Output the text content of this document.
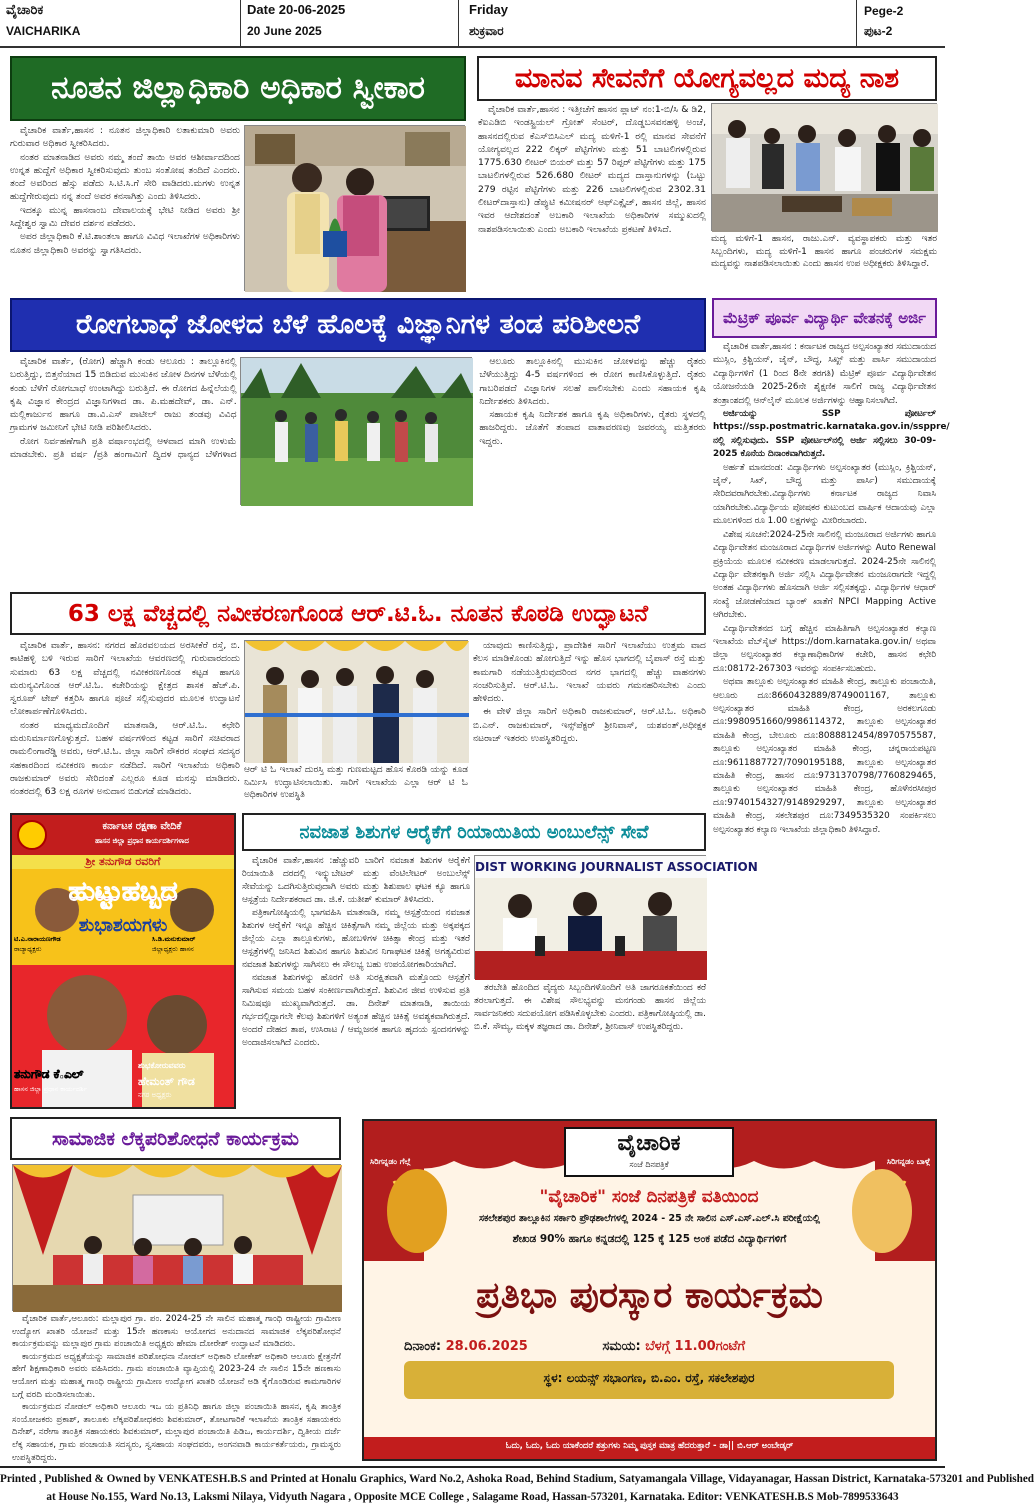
ವೈಚಾರಿಕ
VAICHARIKA
Date 20-06-2025
20 June 2025
Friday
ಶುಕ್ರವಾರ
Pege-2
ಪುಟ-2
ನೂತನ ಜಿಲ್ಲಾಧಿಕಾರಿ ಅಧಿಕಾರ ಸ್ವೀಕಾರ

ವೈಚಾರಿಕ ವಾರ್ತೆ,ಹಾಸನ : ನೂತನ ಜಿಲ್ಲಾಧಿಕಾರಿ ಲತಾಕುಮಾರಿ ಅವರು ಗುರುವಾರ ಅಧಿಕಾರ ಸ್ವೀಕರಿಸಿದರು.

ನಂತರ ಮಾತನಾಡಿದ ಅವರು ನಮ್ಮ ತಂದೆ ತಾಯಿ ಅವರ ಆಶೀರ್ವಾದದಿಂದ ಉನ್ನತ ಹುದ್ದೆಗೆ ಅಧಿಕಾರ ಸ್ವೀಕರಿಸುವುದು ತುಂಬ ಸಂತೋಷ ತಂದಿದೆ ಎಂದರು. ತಂದೆ ಅವರಿಂದ ಹೆಸ್ಸು ಪಡೆದು ಸಿ.ಟಿ.ಸಿ.ಗೆ ಸೇರಿ ವಾಡಿದರು.ಮಗಳು ಉನ್ನತ ಹುದ್ದೆಗೇರುವುದು ನನ್ನ ತಂದೆ ಅವರ ಕನಸಾಗಿತ್ತು ಎಂದು ತಿಳಿಸಿದರು.

ಇದಕ್ಕೂ ಮುನ್ನ ಹಾಸನಾಂಬ ದೇವಾಲಯಕ್ಕೆ ಭೇಟಿ ನೀಡಿದ ಅವರು ಶ್ರೀ ಸಿದ್ದೇಶ್ವರ ಸ್ವಾಮಿ ದೇವರ ದರ್ಶನ ಪಡೆದರು.

ಅಪರ ಜಿಲ್ಲಾಧಿಕಾರಿ ಕೆ.ಟಿ.ಶಾಂತಲಾ ಹಾಗೂ ವಿವಿಧ ಇಲಾಖೆಗಳ ಅಧಿಕಾರಿಗಳು ನೂತನ ಜಿಲ್ಲಾಧಿಕಾರಿ ಅವರನ್ನು ಸ್ವಾಗತಿಸಿದರು.

ಮಾನವ ಸೇವನೆಗೆ ಯೋಗ್ಯವಲ್ಲದ ಮದ್ಯ ನಾಶ

ವೈಚಾರಿಕ ವಾರ್ತೆ,ಹಾಸನ : ಇತ್ತೀಚೆಗೆ ಹಾಸನ ಪ್ಲಾಟ್ ನಂ:1-ಬಿ/ಸಿ & ಡಿ2, ಕೆಐಎಡಿಬಿ ಇಂಡಸ್ಟ್ರಿಯಲ್ ಗ್ರೋತ್ ಸೆಂಟರ್, ದೊಡ್ಡಬಸವನಹಳ್ಳಿ ಅಂಚೆ, ಹಾಸನದಲ್ಲಿರುವ ಕೆಎಸ್‌ಬಿಸಿಎಲ್ ಮದ್ಯ ಮಳಿಗೆ-1 ರಲ್ಲಿ ಮಾನವ ಸೇವನೆಗೆ ಯೋಗ್ಯವಲ್ಲದ 222 ಲಿಕ್ಕರ್ ಪೆಟ್ಟಿಗೆಗಳು ಮತ್ತು 51 ಬಾಟಲಿಗಳಲ್ಲಿರುವ 1775.630 ಲೀಟರ್ ಬಿಯರ್ ಮತ್ತು 57 ರಿಪ್ಪರ್ ಪೆಟ್ಟಿಗೆಗಳು ಮತ್ತು 175 ಬಾಟಲಿಗಳಲ್ಲಿರುವ 526.680 ಲೀಟರ್ ಮದ್ಯದ ದಾಸ್ತಾನುಗಳನ್ನು (ಒಟ್ಟು 279 ರಟ್ಟಿನ ಪೆಟ್ಟಿಗೆಗಳು ಮತ್ತು 226 ಬಾಟಲಿಗಳಲ್ಲಿರುವ 2302.31 ಲೀಟರ್‌ದಾಸ್ತಾನು) ಡೆಪ್ಯುಟಿ ಕಮೀಷನರ್ ಆಫ್‌ಎಕ್ಸೈಜ್, ಹಾಸನ ಜಿಲ್ಲೆ, ಹಾಸನ ಇವರ ಆದೇಶದಂತೆ ಅಬಕಾರಿ ಇಲಾಖೆಯ ಅಧಿಕಾರಿಗಳ ಸಮ್ಮುಖದಲ್ಲಿ ನಾಶಪಡಿಸಲಾಯಿತು ಎಂದು ಅಬಕಾರಿ ಇಲಾಖೆಯ ಪ್ರಕಟಣೆ ತಿಳಿಸಿದೆ.

ಮದ್ಯ ಮಳಿಗೆ-1 ಹಾಸನ, ರಾಜು.ಎನ್. ವ್ಯವಸ್ಥಾಪಕರು ಮತ್ತು ಇತರ ಸಿಬ್ಬಂದಿಗಳು, ಮದ್ಯ ಮಳಿಗೆ-1 ಹಾಸನ ಹಾಗೂ ಪಂಚರುಗಳ ಸಮಕ್ಷಮ ಮದ್ಯವನ್ನು ನಾಶಪಡಿಸಲಾಯಿತು ಎಂದು ಹಾಸನ ಉಪ ಅಧೀಕ್ಷಕರು ತಿಳಿಸಿದ್ದಾರೆ.
ರೋಗಬಾಧೆ ಜೋಳದ ಬೆಳೆ ಹೊಲಕ್ಕೆ ವಿಜ್ಞಾನಿಗಳ ತಂಡ ಪರಿಶೀಲನೆ

ವೈಚಾರಿಕ ವಾರ್ತೆ, (ರೋಗ) ಹೆಚ್ಚಾಗಿ ಕಂಡು ಆಲೂರು : ತಾಲ್ಲೂಕಿನಲ್ಲಿ ಬರುತ್ತಿದ್ದು, ಬಿತ್ತನೆಯಾದ 15 ಬಿಡಿದುವ ಮುಸುಕಿನ ಜೋಳ ದಿನಗಳ ಬೆಳೆಯಲ್ಲಿ ಕಂಡು ಬೆಳೆಗೆ ರೋಗಬಾಧೆ ಉಂಟಾಗಿದ್ದು ಬರುತ್ತಿದೆ. ಈ ರೋಗದ ಹಿನ್ನೆಲೆಯಲ್ಲಿ ಕೃಷಿ ವಿಜ್ಞಾನ ಕೇಂದ್ರದ ವಿಜ್ಞಾನಿಗಳಾದ ಡಾ. ಪಿ.ಮಹದೇವ್, ಡಾ. ಎನ್. ಮಲ್ಲಿಕಾರ್ಜುನ ಹಾಗೂ ಡಾ.ವಿ.ಎಸ್ ಪಾಟೀಲ್ ರಾಜು ತಂಡವು ವಿವಿಧ ಗ್ರಾಮಗಳ ಜಮೀನಿಗೆ ಭೇಟಿ ನೀಡಿ ಪರಿಶೀಲಿಸಿದರು.

ರೋಗ ನಿರ್ವಹಣೆಗಾಗಿ ಪ್ರತಿ ವರ್ಷಾಂಭದಲ್ಲಿ ಆಳವಾದ ಮಾಗಿ ಉಳುಮೆ ಮಾಡಬೇಕು. ಪ್ರತಿ ವರ್ಷ /ಪ್ರತಿ ಹಂಗಾಮಿಗೆ ದ್ವಿದಳ ಧಾನ್ಯದ ಬೆಳೆಗಳಾದ

ಆಲೂರು ತಾಲ್ಲೂಕಿನಲ್ಲಿ ಮುಸುಕಿನ ಜೋಳವನ್ನು ಹೆಚ್ಚು ರೈತರು ಬೆಳೆಯುತ್ತಿದ್ದು 4-5 ವರ್ಷಗಳಿಂದ ಈ ರೋಗ ಕಾಣಿಸಿಕೊಳ್ಳುತ್ತಿದೆ. ರೈತರು ಗಾಬರಿಪಡದೆ ವಿಜ್ಞಾನಿಗಳ ಸಲಹೆ ಪಾಲಿಸಬೇಕು ಎಂದು ಸಹಾಯಕ ಕೃಷಿ ನಿರ್ದೇಶಕರು ತಿಳಿಸಿದರು.

ಸಹಾಯಕ ಕೃಷಿ ನಿರ್ದೇಶಕ ಹಾಗೂ ಕೃಷಿ ಅಧಿಕಾರಿಗಳು, ರೈತರು ಸ್ಥಳದಲ್ಲಿ ಹಾಜರಿದ್ದರು. ಜೊತೆಗೆ ತಂಪಾದ ವಾತಾವರಣವು ಜವರಯ್ಯ ಮತ್ತಿತರರು ಇದ್ದರು.

ಮೆಟ್ರಿಕ್ ಪೂರ್ವ ವಿದ್ಯಾರ್ಥಿ ವೇತನಕ್ಕೆ ಅರ್ಜಿ

ವೈಚಾರಿಕ ವಾರ್ತೆ,ಹಾಸನ : ಕರ್ನಾಟಕ ರಾಜ್ಯದ ಅಲ್ಪಸಂಖ್ಯಾತರ ಸಮುದಾಯದ ಮುಸ್ಲಿಂ, ಕ್ರಿಶ್ಚಿಯನ್, ಜೈನ್, ಬೌದ್ಧ, ಸಿಖ್ಖ್ ಮತ್ತು ಪಾರ್ಸಿ ಸಮುದಾಯದ ವಿದ್ಯಾರ್ಥಿಗಳಿಗೆ (1 ರಿಂದ 8ನೇ ತರಗತಿ) ಮೆಟ್ರಿಕ್ ಪೂರ್ವ ವಿದ್ಯಾರ್ಥಿವೇತನ ಯೋಜನೆಯಡಿ 2025-26ನೇ ಶೈಕ್ಷಣಿಕ ಸಾಲಿಗೆ ರಾಜ್ಯ ವಿದ್ಯಾರ್ಥಿವೇತನ ತಂತ್ರಾಂಶದಲ್ಲಿ ಆನ್‌ಲೈನ್ ಮೂಲಕ ಅರ್ಜಿಗಳನ್ನು ಆಹ್ವಾನಿಸಲಾಗಿದೆ.

ಅರ್ಜಿಯನ್ನು SSP ಪೋರ್ಟಲ್ https://ssp.postmatric.karnataka.gov.in/ssppre/ ನಲ್ಲಿ ಸಲ್ಲಿಸುವುದು. SSP ಪೋರ್ಟಲ್‌ನಲ್ಲಿ ಅರ್ಜಿ ಸಲ್ಲಿಸಲು 30-09-2025 ಕೊನೆಯ ದಿನಾಂಕವಾಗಿರುತ್ತದೆ.

ಅರ್ಹತೆ ಮಾನದಂಡ: ವಿದ್ಯಾರ್ಥಿಗಳು ಅಲ್ಪಸಂಖ್ಯಾತರ (ಮುಸ್ಲಿಂ, ಕ್ರಿಶ್ಚಿಯನ್, ಜೈನ್, ಸಿಖ್, ಬೌದ್ಧ ಮತ್ತು ಪಾರ್ಸಿ) ಸಮುದಾಯಕ್ಕೆ ಸೇರಿದವರಾಗಿರಬೇಕು.ವಿದ್ಯಾರ್ಥಿಗಳು ಕರ್ನಾಟಕ ರಾಜ್ಯದ ನಿವಾಸಿ ಯಾಗಿರಬೇಕು.ವಿದ್ಯಾರ್ಥಿಯ ಪೋಷಕರ ಕುಟುಂಬದ ವಾರ್ಷಿಕ ಆದಾಯವು ಎಲ್ಲಾ ಮೂಲಗಳಿಂದ ರೂ 1.00 ಲಕ್ಷಗಳನ್ನು ಮೀರಿರಬಾರದು.

ವಿಶೇಷ ಸೂಚನೆ:2024-25ನೇ ಸಾಲಿನಲ್ಲಿ ಮಂಜೂರಾದ ಅರ್ಜಿಗಳು ಹಾಗೂ ವಿದ್ಯಾರ್ಥಿವೇತನ ಮಂಜೂರಾದ ವಿದ್ಯಾರ್ಥಿಗಳ ಅರ್ಜಿಗಳನ್ನು Auto Renewal ಪ್ರಕ್ರಿಯೆಯ ಮೂಲಕ ನವೀಕರಣ ಮಾಡಲಾಗುತ್ತದೆ. 2024-25ನೇ ಸಾಲಿನಲ್ಲಿ ವಿದ್ಯಾರ್ಥಿ ವೇತನಕ್ಕಾಗಿ ಅರ್ಜಿ ಸಲ್ಲಿಸಿ ವಿದ್ಯಾರ್ಥಿವೇತನ ಮಂಜೂರಾಗದೇ ಇದ್ದಲ್ಲಿ ಅಂತಹ ವಿದ್ಯಾರ್ಥಿಗಳು ಹೊಸದಾಗಿ ಅರ್ಜಿ ಸಲ್ಲಿಸತಕ್ಕದ್ದು. ವಿದ್ಯಾರ್ಥಿಗಳ ಆಧಾರ್ ಸಂಖ್ಯೆ ಜೋಡಣೆಯಾದ ಬ್ಯಾಂಕ್ ಖಾತೆಗೆ NPCI Mapping Active ಆಗಿರಬೇಕು.

ವಿದ್ಯಾರ್ಥಿವೇತನದ ಬಗ್ಗೆ ಹೆಚ್ಚಿನ ಮಾಹಿತಿಗಾಗಿ ಅಲ್ಪಸಂಖ್ಯಾತರ ಕಲ್ಯಾಣ ಇಲಾಖೆಯ ವೆಬ್‌ಸೈಟ್ https://dom.karnataka.gov.in/ ಅಥವಾ ಜಿಲ್ಲಾ ಅಲ್ಪಸಂಖ್ಯಾತರ ಕಲ್ಯಾಣಾಧಿಕಾರಿಗಳ ಕಚೇರಿ, ಹಾಸನ ಕಛೇರಿ ದೂ:08172-267303 ಇವರನ್ನು ಸಂಪರ್ಕಿಸಬಹುದು.

ಅಥವಾ ತಾಲ್ಲೂಕು ಅಲ್ಪಸಂಖ್ಯಾತರ ಮಾಹಿತಿ ಕೇಂದ್ರ, ತಾಲ್ಲೂಕು ಪಂಚಾಯಿತಿ, ಆಲೂರು ದೂ:8660432889/8749001167, ತಾಲ್ಲೂಕು ಅಲ್ಪಸಂಖ್ಯಾತರ ಮಾಹಿತಿ ಕೇಂದ್ರ, ಅರಕಲಗೂಡು ದೂ:9980951660/9986114372, ತಾಲ್ಲೂಕು ಅಲ್ಪಸಂಖ್ಯಾತರ ಮಾಹಿತಿ ಕೇಂದ್ರ, ಬೇಲೂರು ದೂ:8088812454/8970575587, ತಾಲ್ಲೂಕು ಅಲ್ಪಸಂಖ್ಯಾತರ ಮಾಹಿತಿ ಕೇಂದ್ರ, ಚನ್ನರಾಯಪಟ್ಟಣ ದೂ:9611887727/7090195188, ತಾಲ್ಲೂಕು ಅಲ್ಪಸಂಖ್ಯಾತರ ಮಾಹಿತಿ ಕೇಂದ್ರ, ಹಾಸನ ದೂ:9731370798/7760829465, ತಾಲ್ಲೂಕು ಅಲ್ಪಸಂಖ್ಯಾತರ ಮಾಹಿತಿ ಕೇಂದ್ರ, ಹೊಳೆನರಸೀಪುರ ದೂ:9740154327/9148929297, ತಾಲ್ಲೂಕು ಅಲ್ಪಸಂಖ್ಯಾತರ ಮಾಹಿತಿ ಕೇಂದ್ರ, ಸಕಲೇಶಪುರ ದೂ:7349535320 ಸಂಪರ್ಕಿಸಲು ಅಲ್ಪಸಂಖ್ಯಾತರ ಕಲ್ಯಾಣ ಇಲಾಖೆಯ ಜಿಲ್ಲಾಧಿಕಾರಿ ತಿಳಿಸಿದ್ದಾರೆ.

63 ಲಕ್ಷ ವೆಚ್ಚದಲ್ಲಿ ನವೀಕರಣಗೊಂಡ ಆರ್.ಟಿ.ಓ. ನೂತನ ಕೊಠಡಿ ಉದ್ಘಾಟನೆ

ವೈಚಾರಿಕ ವಾರ್ತೆ, ಹಾಸನ: ನಗರದ ಹೊರವಲಯದ ಅರಸೀಕೆರೆ ರಸ್ತೆ, ಬಿ. ಕಾಟಿಹಳ್ಳಿ ಬಳಿ ಇರುವ ಸಾರಿಗೆ ಇಲಾಖೆಯ ಆವರಣದಲ್ಲಿ ಗುರುವಾರದಂದು ಸುಮಾರು 63 ಲಕ್ಷ ವೆಚ್ಚದಲ್ಲಿ ನವೀಕರಣಗೊಂಡ ಕಟ್ಟಡ ಹಾಗೂ ಮರುನ್ಯವಿಗೊಂಡ ಆರ್.ಟಿ.ಓ. ಕಚೇರಿಯನ್ನು ಕ್ಷೇತ್ರದ ಶಾಸಕ ಹೆಚ್.ಪಿ. ಸ್ವರೂಪ್ ಟೇಪ್ ಕತ್ತರಿಸಿ ಹಾಗೂ ಪೂಜೆ ಸಲ್ಲಿಸುವುದರ ಮೂಲಕ ಉದ್ಘಾಟನೆ ಲೋಕಾರ್ಪಣೆಗೊಳಿಸಿದರು.

ನಂತರ ಮಾಧ್ಯಮದೊಂದಿಗೆ ಮಾತನಾಡಿ, ಆರ್.ಟಿ.ಓ. ಕಛೇರಿ ಮರುನಿರ್ಮಾಣಗೊಳ್ಳುತ್ತದೆ. ಬಹಳ ವರ್ಷಗಳಿಂದ ಕಟ್ಟಡ ಸಾರಿಗೆ ಸಚಿವರಾದ ರಾಮಲಿಂಗಾರೆಡ್ಡಿ ಅವರು, ಆರ್.ಟಿ.ಓ. ಜಿಲ್ಲಾ ಸಾರಿಗೆ ನೌಕರರ ಸಂಘದ ಸದಸ್ಯರ ಸಹಕಾರದಿಂದ ನವೀಕರಣ ಕಾರ್ಯ ನಡೆದಿದೆ. ಸಾರಿಗೆ ಇಲಾಖೆಯ ಅಧಿಕಾರಿ ರಾಜಕುಮಾರ್ ಅವರು ಸೇರಿದಂತೆ ಎಲ್ಲರೂ ಕೂಡ ಮನಸ್ಸು ಮಾಡಿದರು. ನಂತರದಲ್ಲಿ 63 ಲಕ್ಷ ರೂಗಳ ಅನುದಾನ ಬಿಡುಗಡೆ ಮಾಡಿದರು.

ಆರ್ ಟಿ ಓ ಇಲಾಖೆ ದುರಸ್ತಿ ಮತ್ತು ಗುಣಮಟ್ಟದ ಹೊಸ ಕೊಠಡಿ ಯನ್ನು ಕೂಡ ನಿರ್ಮಿಸಿ ಉದ್ಘಾಟಿಸಲಾಯಿತು. ಸಾರಿಗೆ ಇಲಾಖೆಯ ಎಲ್ಲಾ ಆರ್ ಟಿ ಓ ಅಧಿಕಾರಿಗಳ ಉಪಸ್ಥಿತಿ

ಯಾವುದು ಕಾಣಿಸುತ್ತಿದ್ದು, ಪ್ರಾದೇಶಿಕ ಸಾರಿಗೆ ಇಲಾಖೆಯು ಉತ್ತಮ ವಾದ ಕೆಲಸ ಮಾಡಿಕೊಂಡು ಹೋಗುತ್ತಿದೆ ಇನ್ನು ಹೊಸ ಭಾಗದಲ್ಲಿ ಬೈಪಾಸ್ ರಸ್ತೆ ಮತ್ತು ಕಾಮಗಾರಿ ನಡೆಯುತ್ತಿರುವುದರಿಂದ ನಗರ ಭಾಗದಲ್ಲಿ ಹೆಚ್ಚು ವಾಹನಗಳು ಸಂಚರಿಸುತ್ತಿವೆ. ಆರ್.ಟಿ.ಓ. ಇಲಾಖೆ ಯವರು ಗಮನಹರಿಸಬೇಕು ಎಂದು ಹೇಳಿದರು.

ಈ ವೇಳೆ ಜಿಲ್ಲಾ ಸಾರಿಗೆ ಅಧಿಕಾರಿ ರಾಜಕುಮಾರ್, ಆರ್.ಟಿ.ಓ. ಅಧಿಕಾರಿ ಬಿ.ಎನ್. ರಾಜಕುಮಾರ್, ಇನ್ಸ್‌ಪೆಕ್ಟರ್ ಶ್ರೀನಿವಾಸ್, ಯಶವಂತ್,ಅಧೀಕ್ಷಕ ನಟರಾಜ್ ಇತರರು ಉಪಸ್ಥಿತರಿದ್ದರು.

ಕರ್ನಾಟಕ ರಕ್ಷಣಾ ವೇದಿಕೆ
ಹಾಸನ ಜಿಲ್ಲಾ ಪ್ರಧಾನ ಕಾರ್ಯದರ್ಶಿಗಳಾದ
ಶ್ರೀ ತನುಗೌಡ ರವರಿಗೆ
ಹುಟ್ಟುಹಬ್ಬದ
ಶುಭಾಶಯಗಳು
ಟಿ.ಎ.ನಾರಾಯಣಗೌಡ
ರಾಜ್ಯಾಧ್ಯಕ್ಷರು
ಸಿ.ಡಿ.ಮನುಕುಮಾರ್
ಜಿಲ್ಲಾಧ್ಯಕ್ಷರು ಹಾಸನ
ತನುಗೌಡ ಕೆ.ಎಲ್
ಹಾಸನ ಜಿಲ್ಲಾ ಪ್ರಧಾನ ಕಾರ್ಯದರ್ಶಿ
ಶುಭಕೋರುವವರು
ಹೇಮಂತ್ ಗೌಡ
ನಗರ ಅಧ್ಯಕ್ಷರು
ನವಜಾತ ಶಿಶುಗಳ ಆರೈಕೆಗೆ ರಿಯಾಯಿತಿಯ ಅಂಬುಲೆನ್ಸ್ ಸೇವೆ

ವೈಚಾರಿಕ ವಾರ್ತೆ,ಹಾಸನ :ಹೆಚ್ಚುವರಿ ಬಾರಿಗೆ ನವಜಾತ ಶಿಶುಗಳ ಆರೈಕೆಗೆ ರಿಯಾಯಿತಿ ದರದಲ್ಲಿ ಇನ್ಕ್ಯುಬೇಟರ್ ಮತ್ತು ವೆಂಟಿಲೇಟರ್ ಅಂಬುಲೆನ್ಸ್ ಸೇವೆಯನ್ನು ಒದಗಿಸುತ್ತಿರುವುದಾಗಿ ಅವರು ಮತ್ತು ಶಿಶುಪಾಲ ಘಟಕ ಕ್ಯೂ ಹಾಗೂ ಆಸ್ಪತ್ರೆಯ ನಿರ್ದೇಶಕರಾದ ಡಾ. ಜಿ.ಕೆ. ಯತೀಶ್ ಕುಮಾರ್ ತಿಳಿಸಿದರು.

ಪತ್ರಿಕಾಗೋಷ್ಠಿಯಲ್ಲಿ ಭಾಗವಹಿಸಿ ಮಾತನಾಡಿ, ನಮ್ಮ ಆಸ್ಪತ್ರೆಯಿಂದ ನವಜಾತ ಶಿಶುಗಳ ಆರೈಕೆಗೆ ಇನ್ನೂ ಹೆಚ್ಚಿನ ಚಿಕಿತ್ಸೆಗಾಗಿ ನಮ್ಮ ಜಿಲ್ಲೆಯ ಮತ್ತು ಅಕ್ಕಪಕ್ಕದ ಜಿಲ್ಲೆಯ ಎಲ್ಲಾ ತಾಲ್ಲೂಕುಗಳು, ಹೋಬಳಿಗಳ ಚಿಕಿತ್ಸಾ ಕೇಂದ್ರ ಮತ್ತು ಇತರೆ ಆಸ್ಪತ್ರೆಗಳಲ್ಲಿ ಜನಿಸಿದ ಶಿಶುವಿನ ಹಾಗೂ ಶಿಶುವಿನ ನಿಗಾಘಟಕ ಚಿಕಿತ್ಸೆ ಅಗತ್ಯವಿರುವ ನವಜಾತ ಶಿಶುಗಳನ್ನು ಸಾಗಿಸಲು ಈ ಸೌಲಭ್ಯ ಬಹು ಉಪಯೋಗಕಾರಿಯಾಗಿದೆ.

ನವಜಾತ ಶಿಶುಗಳನ್ನು ಹೊರಗೆ ಅತಿ ಸುರಕ್ಷಿತವಾಗಿ ಮತ್ತೊಂದು ಆಸ್ಪತ್ರೆಗೆ ಸಾಗಿಸುವ ಸಮಯ ಬಹಳ ಸಂಕೀರ್ಣವಾಗಿರುತ್ತದೆ. ಶಿಶುವಿನ ಜೀವ ಉಳಿಸುವ ಪ್ರತಿ ನಿಮಿಷವೂ ಮುಖ್ಯವಾಗಿರುತ್ತದೆ. ಡಾ. ದಿನೇಶ್ ಮಾತನಾಡಿ, ತಾಯಿಯ ಗರ್ಭದಲ್ಲಿದ್ದಾಗಲೇ ಕೆಲವು ಶಿಶುಗಳಿಗೆ ಅತ್ಯಂತ ಹೆಚ್ಚಿನ ಚಿಕಿತ್ಸೆ ಅವಶ್ಯಕವಾಗಿರುತ್ತದೆ. ಅಂದರೆ ದೇಹದ ತಾಪ, ಉಸಿರಾಟ / ಆಮ್ಲಜನಕ ಹಾಗೂ ಹೃದಯ ಸ್ಪಂದನಗಳನ್ನು ಅಂದಾಜಿಸಲಾಗಿದೆ ಎಂದರು.

DIST WORKING JOURNALIST ASSOCIATION

ತರಬೇತಿ ಹೊಂದಿದ ವೈದ್ಯರು ಸಿಬ್ಬಂದಿಗಳೊಂದಿಗೆ ಅತಿ ಜಾಗರೂಕತೆಯಿಂದ ಕರೆ ತರಲಾಗುತ್ತದೆ. ಈ ವಿಶೇಷ ಸೌಲಭ್ಯವನ್ನು ಮನಗಂಡು ಹಾಸನ ಜಿಲ್ಲೆಯ ಸಾರ್ವಜನಿಕರು ಸದುಪಯೋಗ ಪಡಿಸಿಕೊಳ್ಳಬೇಕು ಎಂದರು. ಪತ್ರಿಕಾಗೋಷ್ಠಿಯಲ್ಲಿ ಡಾ. ಬಿ.ಕೆ. ಸೌಮ್ಯ, ಮಕ್ಕಳ ತಜ್ಞರಾದ ಡಾ. ದಿನೇಶ್, ಶ್ರೀನಿವಾಸ್ ಉಪಸ್ಥಿತರಿದ್ದರು.

ಸಾಮಾಜಿಕ ಲೆಕ್ಕಪರಿಶೋಧನೆ ಕಾರ್ಯಕ್ರಮ

ವೈಚಾರಿಕ ವಾರ್ತೆ,ಆಲೂರು: ಮಲ್ಲಾಪುರ ಗ್ರಾ. ಪಂ. 2024-25 ನೇ ಸಾಲಿನ ಮಹಾತ್ಮ ಗಾಂಧಿ ರಾಷ್ಟ್ರೀಯ ಗ್ರಾಮೀಣ ಉದ್ಯೋಗ ಖಾತರಿ ಯೋಜನೆ ಮತ್ತು 15ನೇ ಹಣಕಾಸು ಆಯೋಗದ ಅನುದಾನದ ಸಾಮಾಜಿಕ ಲೆಕ್ಕಪರಿಶೋಧನೆ ಕಾರ್ಯಕ್ರಮವನ್ನು ಮಲ್ಲಾಪುರ ಗ್ರಾಮ ಪಂಚಾಯಿತಿ ಅಧ್ಯಕ್ಷರು ಹೇಮಾ ದೋರೇಶ್ ಉದ್ಘಾಟನೆ ಮಾಡಿದರು.

ಕಾರ್ಯಕ್ರಮದ ಅಧ್ಯಕ್ಷತೆಯನ್ನು ಸಾಮಾಜಿಕ ಪರಿಶೋಧನಾ ನೋಡಲ್ ಅಧಿಕಾರಿ ಲೋಕೇಶ್ ಅಧಿಕಾರಿ ಆಲೂರು ಕ್ಷೇತ್ರನೆಗೆ ಹೇಗೆ ಶಿಕ್ಷಣಾಧಿಕಾರಿ ಅವರು ವಹಿಸಿದರು. ಗ್ರಾಮ ಪಂಚಾಯಿತಿ ವ್ಯಾಪ್ತಿಯಲ್ಲಿ 2023-24 ನೇ ಸಾಲಿನ 15ನೇ ಹಣಕಾಸು ಆಯೋಗ ಮತ್ತು ಮಹಾತ್ಮ ಗಾಂಧಿ ರಾಷ್ಟ್ರೀಯ ಗ್ರಾಮೀಣ ಉದ್ಯೋಗ ಖಾತರಿ ಯೋಜನೆ ಅಡಿ ಕೈಗೊಂಡಿರುವ ಕಾಮಗಾರಿಗಳ ಬಗ್ಗೆ ವರದಿ ಮಂಡಿಸಲಾಯಿತು.

ಕಾರ್ಯಕ್ರಮದ ನೋಡಲ್ ಅಧಿಕಾರಿ ಆಲೂರು ಇಒ ಯ ಪ್ರತಿನಿಧಿ ಹಾಗೂ ಜಿಲ್ಲಾ ಪಂಚಾಯಿತಿ ಹಾಸನ, ಕೃಷಿ ತಾಂತ್ರಿಕ ಸಂಯೋಜಕರು ಪ್ರಕಾಶ್, ತಾಲೂಕು ಲೆಕ್ಕಪರಿಶೋಧಕರು ಶಿವಕುಮಾರ್, ತೋಟಗಾರಿಕೆ ಇಲಾಖೆಯ ತಾಂತ್ರಿಕ ಸಹಾಯಕರು ದಿನೇಶ್, ನರೇಗಾ ತಾಂತ್ರಿಕ ಸಹಾಯಕರು ಶಿವಕುಮಾರ್, ಮಲ್ಲಾಪುರ ಪಂಚಾಯಿತಿ ಪಿಡಿಒ, ಕಾರ್ಯದರ್ಶಿ, ದ್ವಿತೀಯ ದರ್ಜೆ ಲೆಕ್ಕ ಸಹಾಯಕ, ಗ್ರಾಮ ಪಂಚಾಯತಿ ಸದಸ್ಯರು, ಸ್ವಸಹಾಯ ಸಂಘದವರು, ಅಂಗನವಾಡಿ ಕಾರ್ಯಕರ್ತೆಯರು, ಗ್ರಾಮಸ್ಥರು ಉಪಸ್ಥಿತರಿದ್ದರು.

ಸಿರಿಗನ್ನಡಂ ಗೆಲ್ಗೆ	ಸಿರಿಗನ್ನಡಂ ಬಾಳ್ಗೆ
ವೈಚಾರಿಕ
ಸಂಜೆ ದಿನಪತ್ರಿಕೆ
"ವೈಚಾರಿಕ" ಸಂಜೆ ದಿನಪತ್ರಿಕೆ ವತಿಯಿಂದ
ಸಕಲೇಶಪುರ ತಾಲ್ಲೂಕಿನ ಸರ್ಕಾರಿ ಪ್ರೌಢಶಾಲೆಗಳಲ್ಲಿ 2024 - 25 ನೇ ಸಾಲಿನ ಎಸ್.ಎಸ್.ಎಲ್.ಸಿ ಪರೀಕ್ಷೆಯಲ್ಲಿ
ಶೇಖಡ 90% ಹಾಗೂ ಕನ್ನಡದಲ್ಲಿ 125 ಕ್ಕೆ 125 ಅಂಕ ಪಡೆದ ವಿದ್ಯಾರ್ಥಿಗಳಿಗೆ
ಪ್ರತಿಭಾ ಪುರಸ್ಕಾರ ಕಾರ್ಯಕ್ರಮ
ದಿನಾಂಕ: 28.06.2025	ಸಮಯ: ಬೆಳಗ್ಗೆ 11.00ಗಂಟೆಗೆ
ಸ್ಥಳ: ಲಯನ್ಸ್ ಸಭಾಂಗಣ, ಬಿ.ಎಂ. ರಸ್ತೆ, ಸಕಲೇಶಪುರ
ಓದು, ಓದು, ಓದು ಯಾಕೆಂದರೆ ಶತ್ರುಗಳು ನಿಮ್ಮ ಪುಸ್ತಕ ಮಾತ್ರ ಹೆದರುತ್ತಾರೆ - ಡಾ|| ಬಿ.ಆರ್ ಅಂಬೇಡ್ಕರ್
Printed , Published & Owned by VENKATESH.B.S and Printed at Honalu Graphics, Ward No.2, Ashoka Road, Behind Stadium, Satyamangala Village, Vidayanagar, Hassan District, Karnataka-573201 and Published
at House No.155, Ward No.13, Laksmi Nilaya, Vidyuth Nagara , Opposite MCE College , Salagame Road, Hassan-573201, Karnataka. Editor: VENKATESH.B.S Mob-7899533643
